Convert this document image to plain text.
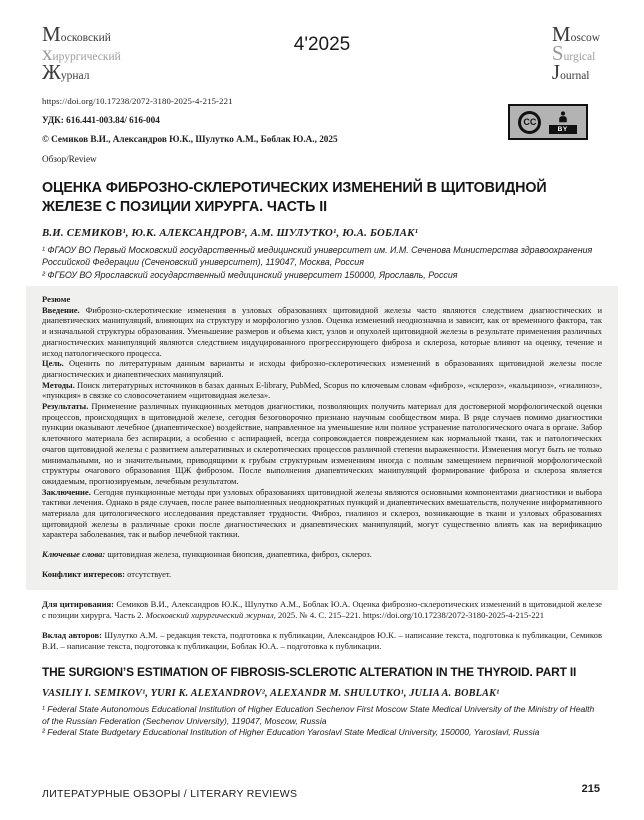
Московский
хирургический
Журнал
4'2025	Moscow
Surgical
Journal
CC
BY
https://doi.org/10.17238/2072-3180-2025-4-215-221
УДК: 616.441-003.84/ 616-004
© Семиков В.И., Александров Ю.К., Шулутко А.М., Боблак Ю.А., 2025
Обзор/Review
ОЦЕНКА ФИБРОЗНО-СКЛЕРОТИЧЕСКИХ ИЗМЕНЕНИЙ В ЩИТОВИДНОЙ ЖЕЛЕЗЕ С ПОЗИЦИИ ХИРУРГА. ЧАСТЬ II
В.И. СЕМИКОВ¹, Ю.К. АЛЕКСАНДРОВ², А.М. ШУЛУТКО¹, Ю.А. БОБЛАК¹
¹ ФГАОУ ВО Первый Московский государственный медицинский университет им. И.М. Сеченова Министерства здравоохранения Российской Федерации (Сеченовский университет), 119047, Москва, Россия
² ФГБОУ ВО Ярославский государственный медицинский университет 150000, Ярославль, Россия
Резюме

Введение. Фиброзно-склеротические изменения в узловых образованиях щитовидной железы часто являются следствием диагностических и диапевтических манипуляций, влияющих на структуру и морфологию узлов. Оценка изменений неоднозначна и зависит, как от временного фактора, так и изначальной структуры образования. Уменьшение размеров и объема кист, узлов и опухолей щитовидной железы в результате применения различных диагностических манипуляций являются следствием индуцированного прогрессирующего фиброза и склероза, которые влияют на оценку, течение и исход патологического процесса.

Цель. Оценить по литературным данным варианты и исходы фиброзно-склеротических изменений в образованиях щитовидной железы после диагностических и диапевтических манипуляций.

Методы. Поиск литературных источников в базах данных E-library, PubMed, Scopus по ключевым словам «фиброз», «склероз», «кальциноз», «гиалиноз», «пункция» в связке со словосочетанием «щитовидная железа».

Результаты. Применение различных пункционных методов диагностики, позволяющих получить материал для достоверной морфологической оценки процессов, происходящих в щитовидной железе, сегодня безоговорочно признано научным сообществом мира. В ряде случаев помимо диагностики пункции оказывают лечебное (диапевтическое) воздействие, направленное на уменьшение или полное устранение патологического очага в органе. Забор клеточного материала без аспирации, а особенно с аспирацией, всегда сопровождается повреждением как нормальной ткани, так и патологических очагов щитовидной железы с развитием альтеративных и склеротических процессов различной степени выраженности. Изменения могут быть не только минимальными, но и значительными, приводящими к грубым структурным изменениям иногда с полным замещением первичной морфологической структуры очагового образования ЩЖ фиброзом. После выполнения диапевтических манипуляций формирование фиброза и склероза является ожидаемым, прогнозируемым, лечебным результатом.

Заключение. Сегодня пункционные методы при узловых образованиях щитовидной железы являются основными компонентами диагностики и выбора тактики лечения. Однако в ряде случаев, после ранее выполненных неоднократных пункций и диапевтических вмешательств, получение информативного материала для цитологического исследования представляет трудности. Фиброз, гиалиноз и склероз, возникающие в ткани и узловых образованиях щитовидной железы в различные сроки после диагностических и диапевтических манипуляций, могут существенно влиять как на верификацию характера заболевания, так и выбор лечебной тактики.

Ключевые слова: щитовидная железа, пункционная биопсия, диапевтика, фиброз, склероз.

Конфликт интересов: отсутствует.

Для цитирования: Семиков В.И., Александров Ю.К., Шулутко А.М., Боблак Ю.А. Оценка фиброзно-склеротических изменений в щитовидной железе с позиции хирурга. Часть 2. Московский хирургический журнал, 2025. № 4. С. 215–221. https://doi.org/10.17238/2072-3180-2025-4-215-221
Вклад авторов: Шулутко А.М. – редакция текста, подготовка к публикации, Александров Ю.К. – написание текста, подготовка к публикации, Семиков В.И. – написание текста, подготовка к публикации, Боблак Ю.А. – подготовка к публикации.
THE SURGION’S ESTIMATION OF FIBROSIS-SCLEROTIC ALTERATION IN THE THYROID. PART II
VASILIY I. SEMIKOV¹, YURI K. ALEXANDROV², ALEXANDR M. SHULUTKO¹, JULIA A. BOBLAK¹
¹ Federal State Autonomous Educational Institution of Higher Education Sechenov First Moscow State Medical University of the Ministry of Health of the Russian Federation (Sechenov University), 119047, Moscow, Russia
² Federal State Budgetary Educational Institution of Higher Education Yaroslavl State Medical University, 150000, Yaroslavl, Russia
ЛИТЕРАТУРНЫЕ ОБЗОРЫ / LITERARY REVIEWS	215
